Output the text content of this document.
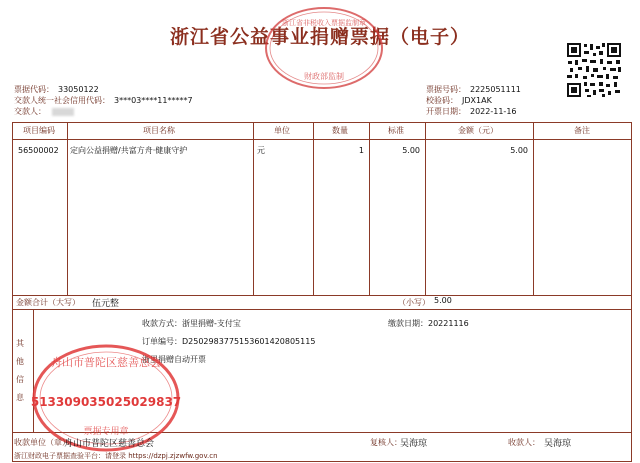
浙江省公益事业捐赠票据（电子）
浙江省非税收入票据监制章
财政部监制
票据代码： 33050122
交款人统一社会信用代码： 3***03****11*****7
交款人：
票据号码： 2225051111
校验码： JDX1AK
开票日期： 2022-11-16
项目编码	项目名称	单位	数量	标准	金额（元）	备注
56500002 定向公益捐赠/共富方舟·健康守护	元	1	5.00	5.00
金额合计（大写） 伍元整	（小写） 5.00
其
他
信
息
收款方式：浙里捐赠-支付宝	缴款日期：20221116
订单编号：D250298377515360142080511​5
浙里捐赠自动开票
舟山市普陀区慈善总会
51330903502502983​7
票据专用章
收款单位（章）：
舟山市普陀区慈善总会	复核人：
吴海琼	收款人： 吴海琼
浙江财政电子票据查验平台：请登录 https://dzpj.zjzwfw.gov.cn
